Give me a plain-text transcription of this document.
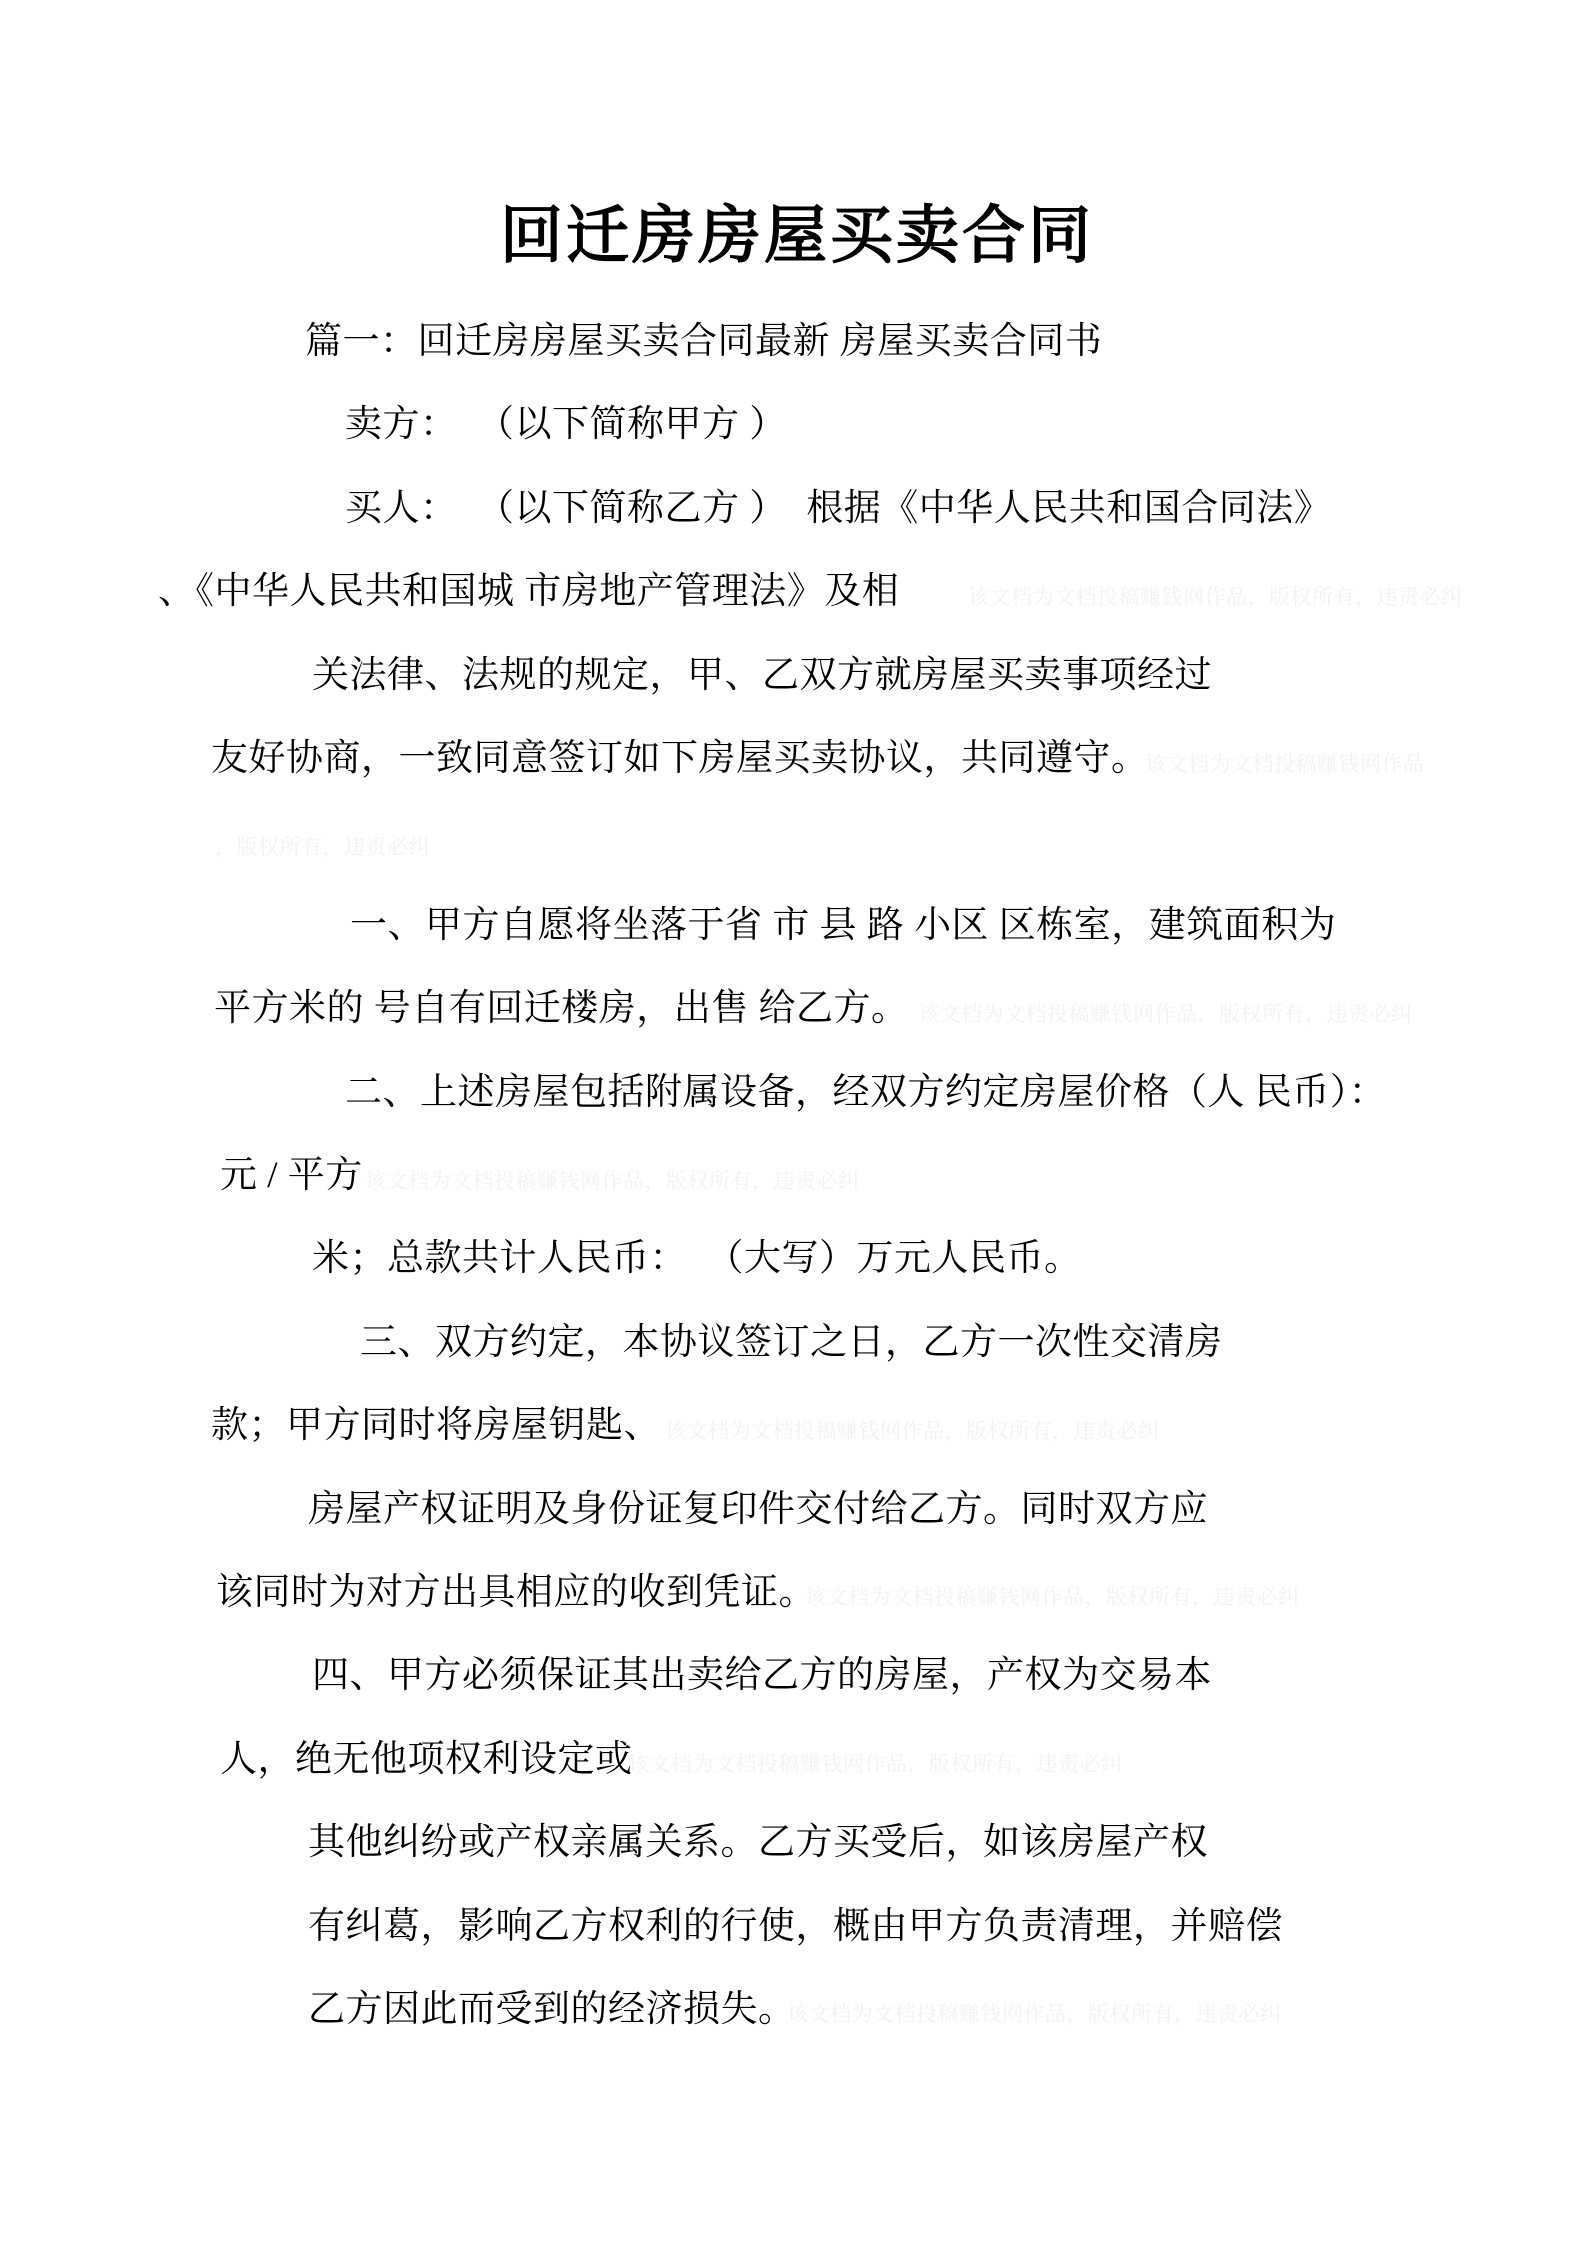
回迁房房屋买卖合同
篇一：回迁房房屋买卖合同最新 房屋买卖合同书
卖方：  （以下简称甲方 ）
买人：  （以下简称乙方 ）  根据《中华人民共和国合同法》
、《中华人民共和国城 市房地产管理法》及相
关法律、法规的规定，甲、乙双方就房屋买卖事项经过
友好协商，一致同意签订如下房屋买卖协议，共同遵守。
一、甲方自愿将坐落于省 市 县 路 小区 区栋室，建筑面积为
平方米的 号自有回迁楼房，出售 给乙方。
二、上述房屋包括附属设备，经双方约定房屋价格（人 民币）：
元 / 平方
米；总款共计人民币：  （大写）万元人民币。
三、双方约定，本协议签订之日，乙方一次性交清房
款；甲方同时将房屋钥匙、
房屋产权证明及身份证复印件交付给乙方。同时双方应
该同时为对方出具相应的收到凭证。
四、甲方必须保证其出卖给乙方的房屋，产权为交易本
人，绝无他项权利设定或
其他纠纷或产权亲属关系。乙方买受后，如该房屋产权
有纠葛，影响乙方权利的行使，概由甲方负责清理，并赔偿
乙方因此而受到的经济损失。
该文档为文档投稿赚钱网作品，版权所有，违责必纠
该文档为文档投稿赚钱网作品
，版权所有，违责必纠
该文档为文档投稿赚钱网作品，版权所有，违责必纠
该文档为文档投稿赚钱网作品，版权所有，违责必纠
该文档为文档投稿赚钱网作品，版权所有，违责必纠
该文档为文档投稿赚钱网作品，版权所有，违责必纠
该文档为文档投稿赚钱网作品，版权所有，违责必纠
该文档为文档投稿赚钱网作品，版权所有，违责必纠
